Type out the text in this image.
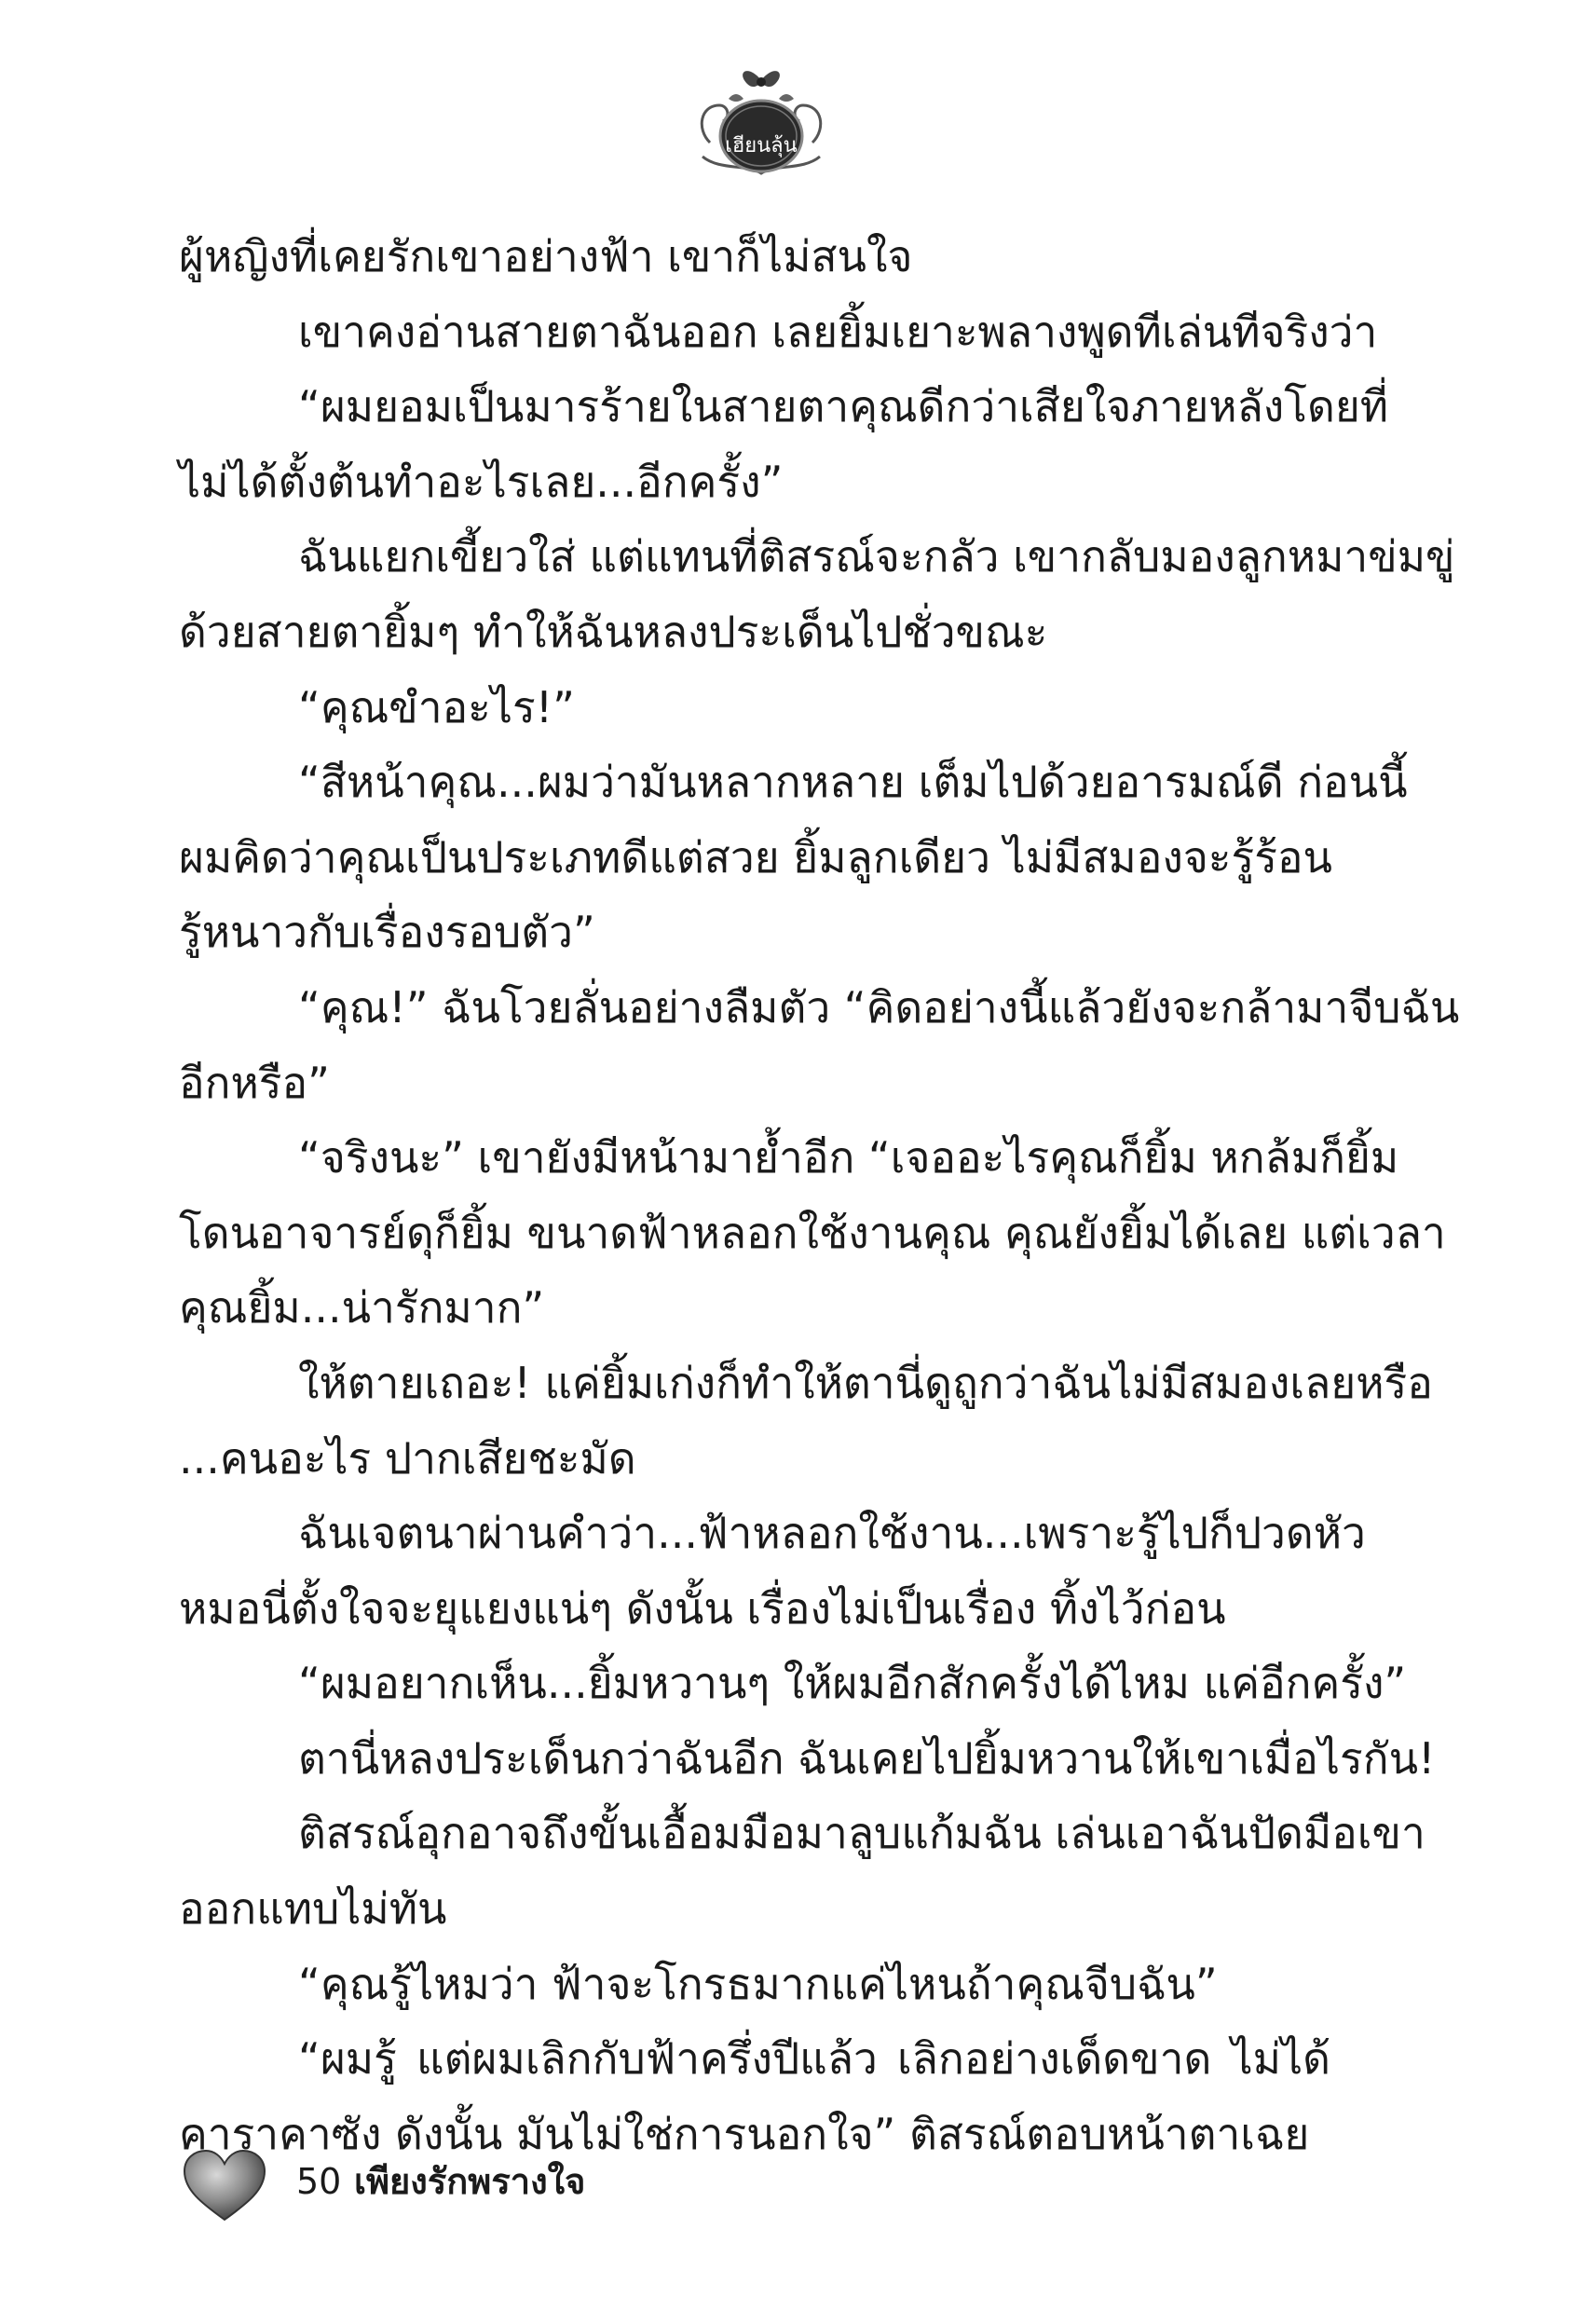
เฮียนลุ้น
ผู้หญิงที่เคยรักเขาอย่างฟ้า เขาก็ไม่สนใจ
เขาคงอ่านสายตาฉันออก เลยยิ้มเยาะพลางพูดทีเล่นทีจริงว่า
“ผมยอมเป็นมารร้ายในสายตาคุณดีกว่าเสียใจภายหลังโดยที่
ไม่ได้ตั้งต้นทำอะไรเลย...อีกครั้ง”
ฉันแยกเขี้ยวใส่ แต่แทนที่ติสรณ์จะกลัว เขากลับมองลูกหมาข่มขู่
ด้วยสายตายิ้มๆ ทำให้ฉันหลงประเด็นไปชั่วขณะ
“คุณขำอะไร!”
“สีหน้าคุณ...ผมว่ามันหลากหลาย เต็มไปด้วยอารมณ์ดี ก่อนนี้
ผมคิดว่าคุณเป็นประเภทดีแต่สวย ยิ้มลูกเดียว ไม่มีสมองจะรู้ร้อน
รู้หนาวกับเรื่องรอบตัว”
“คุณ!” ฉันโวยลั่นอย่างลืมตัว “คิดอย่างนี้แล้วยังจะกล้ามาจีบฉัน
อีกหรือ”
“จริงนะ” เขายังมีหน้ามาย้ำอีก “เจออะไรคุณก็ยิ้ม หกล้มก็ยิ้ม
โดนอาจารย์ดุก็ยิ้ม ขนาดฟ้าหลอกใช้งานคุณ คุณยังยิ้มได้เลย แต่เวลา
คุณยิ้ม...น่ารักมาก”
ให้ตายเถอะ! แค่ยิ้มเก่งก็ทำให้ตานี่ดูถูกว่าฉันไม่มีสมองเลยหรือ
...คนอะไร ปากเสียชะมัด
ฉันเจตนาผ่านคำว่า...ฟ้าหลอกใช้งาน...เพราะรู้ไปก็ปวดหัว
หมอนี่ตั้งใจจะยุแยงแน่ๆ ดังนั้น เรื่องไม่เป็นเรื่อง ทิ้งไว้ก่อน
“ผมอยากเห็น...ยิ้มหวานๆ ให้ผมอีกสักครั้งได้ไหม แค่อีกครั้ง”
ตานี่หลงประเด็นกว่าฉันอีก ฉันเคยไปยิ้มหวานให้เขาเมื่อไรกัน!
ติสรณ์อุกอาจถึงขั้นเอื้อมมือมาลูบแก้มฉัน เล่นเอาฉันปัดมือเขา
ออกแทบไม่ทัน
“คุณรู้ไหมว่า ฟ้าจะโกรธมากแค่ไหนถ้าคุณจีบฉัน”
“ผมรู้ แต่ผมเลิกกับฟ้าครึ่งปีแล้ว เลิกอย่างเด็ดขาด ไม่ได้
คาราคาซัง ดังนั้น มันไม่ใช่การนอกใจ” ติสรณ์ตอบหน้าตาเฉย
50 เพียงรักพรางใจ
